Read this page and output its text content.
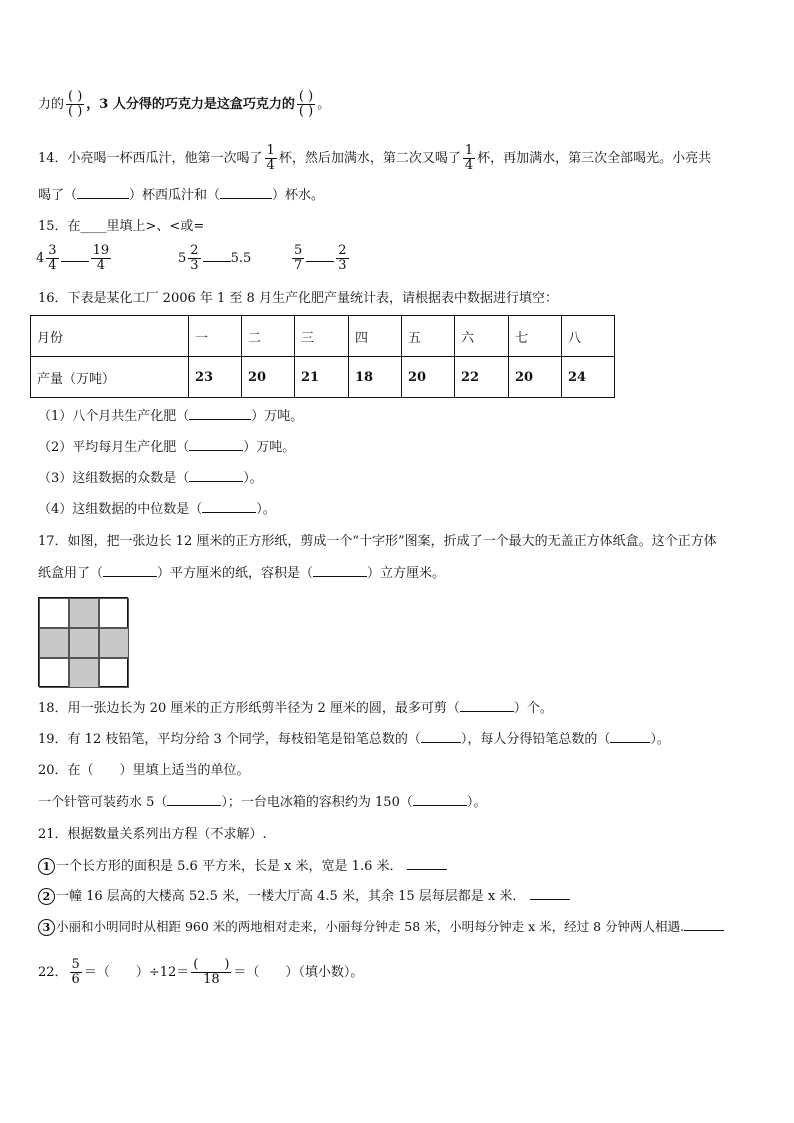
力的 $\frac{( )}{( )}$ ，3 人分得的巧克力是这盒巧克力的 $\frac{( )}{( )}$ 。
14．小亮喝一杯西瓜汁，他第一次喝了 $\frac{1}{4}$ 杯，然后加满水，第二次又喝了 $\frac{1}{4}$ 杯，再加满水，第三次全部喝光。小亮共
喝了（	）杯西瓜汁和（	）杯水。
15．在____里填上>、<或=
$4 \frac{3}{4} \frac{19}{4}$	$5 \frac{2}{3} 5.5$	$\frac{5}{7} \frac{2}{3}$
16．下表是某化工厂 2006 年 1 至 8 月生产化肥产量统计表，请根据表中数据进行填空：
月份	一	二	三	四	五	六	七	八
产量（万吨）	23	20	21	18	20	22	20	24
（1）八个月共生产化肥（	）万吨。
（2）平均每月生产化肥（	）万吨。
（3）这组数据的众数是（	）。
（4）这组数据的中位数是（	）。
17．如图，把一张边长 12 厘米的正方形纸，剪成一个“十字形”图案，折成了一个最大的无盖正方体纸盒。这个正方体
纸盒用了（	）平方厘米的纸，容积是（	）立方厘米。
18．用一张边长为 20 厘米的正方形纸剪半径为 2 厘米的圆，最多可剪（	）个。
19．有 12 枝铅笔，平均分给 3 个同学，每枝铅笔是铅笔总数的（	），每人分得铅笔总数的（	）。
20．在（　　）里填上适当的单位。
一个针管可装药水 5（	）；一台电冰箱的容积约为 150（	）。
21．根据数量关系列出方程（不求解）.
1 一个长方形的面积是 5.6 平方米，长是 x 米，宽是 1.6 米．
2 一幢 16 层高的大楼高 52.5 米，一楼大厅高 4.5 米，其余 15 层每层都是 x 米．
3 小丽和小明同时从相距 960 米的两地相对走来，小丽每分钟走 58 米，小明每分钟走 x 米，经过 8 分钟两人相遇.
22． $\frac{5}{6}$ ＝（　　）$\div 12= \frac{( )}{18}$ ＝（　　）（填小数）。
